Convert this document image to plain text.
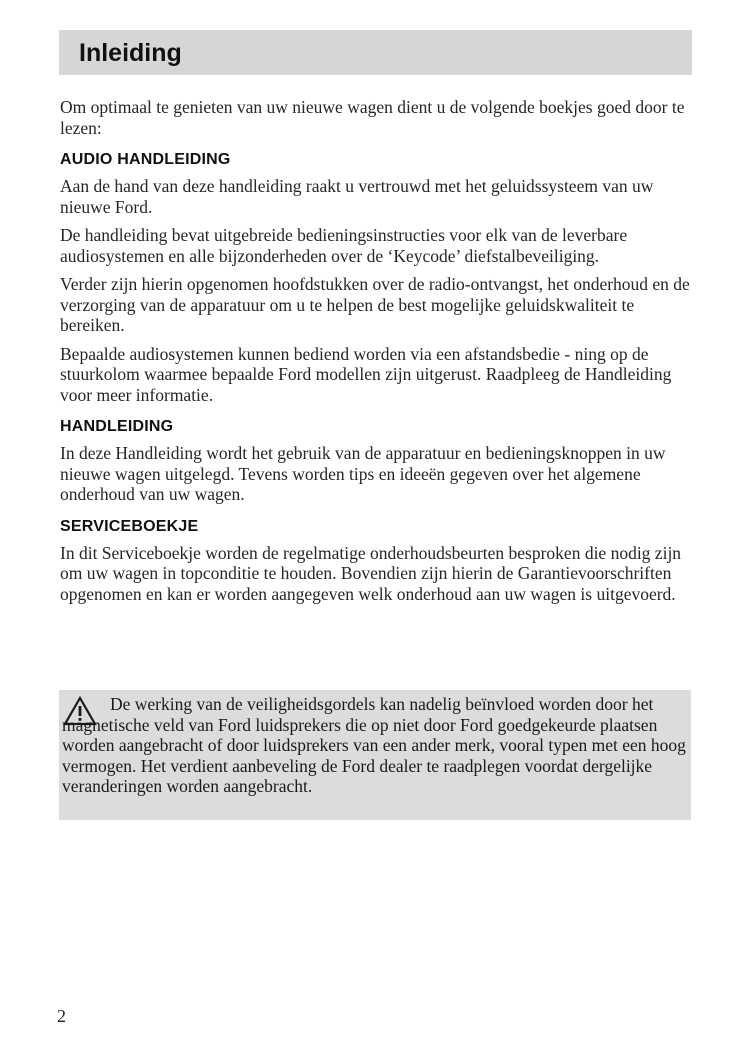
Inleiding

Om optimaal te genieten van uw nieuwe wagen dient u de volgende boekjes goed door te lezen:

AUDIO HANDLEIDING

Aan de hand van deze handleiding raakt u vertrouwd met het geluidssysteem van uw nieuwe Ford.

De handleiding bevat uitgebreide bedieningsinstructies voor elk van de leverbare audiosystemen en alle bijzonderheden over de ‘Keycode’ diefstalbeveiliging.

Verder zijn hierin opgenomen hoofdstukken over de radio-ontvangst, het onderhoud en de verzorging van de apparatuur om u te helpen de best mogelijke geluidskwaliteit te bereiken.

Bepaalde audiosystemen kunnen bediend worden via een afstandsbedie - ning op de stuurkolom waarmee bepaalde Ford modellen zijn uitgerust. Raadpleeg de Handleiding voor meer informatie.

HANDLEIDING

In deze Handleiding wordt het gebruik van de apparatuur en bedieningsknoppen in uw nieuwe wagen uitgelegd. Tevens worden tips en ideeën gegeven over het algemene onderhoud van uw wagen.

SERVICEBOEKJE

In dit Serviceboekje worden de regelmatige onderhoudsbeurten besproken die nodig zijn om uw wagen in topconditie te houden. Bovendien zijn hierin de Garantievoorschriften opgenomen en kan er worden aangegeven welk onderhoud aan uw wagen is uitgevoerd.

De werking van de veiligheidsgordels kan nadelig beïnvloed worden door het magnetische veld van Ford luidsprekers die op niet door Ford goedgekeurde plaatsen worden aangebracht of door luidsprekers van een ander merk, vooral typen met een hoog vermogen. Het verdient aanbeveling de Ford dealer te raadplegen voordat dergelijke veranderingen worden aangebracht.

2
